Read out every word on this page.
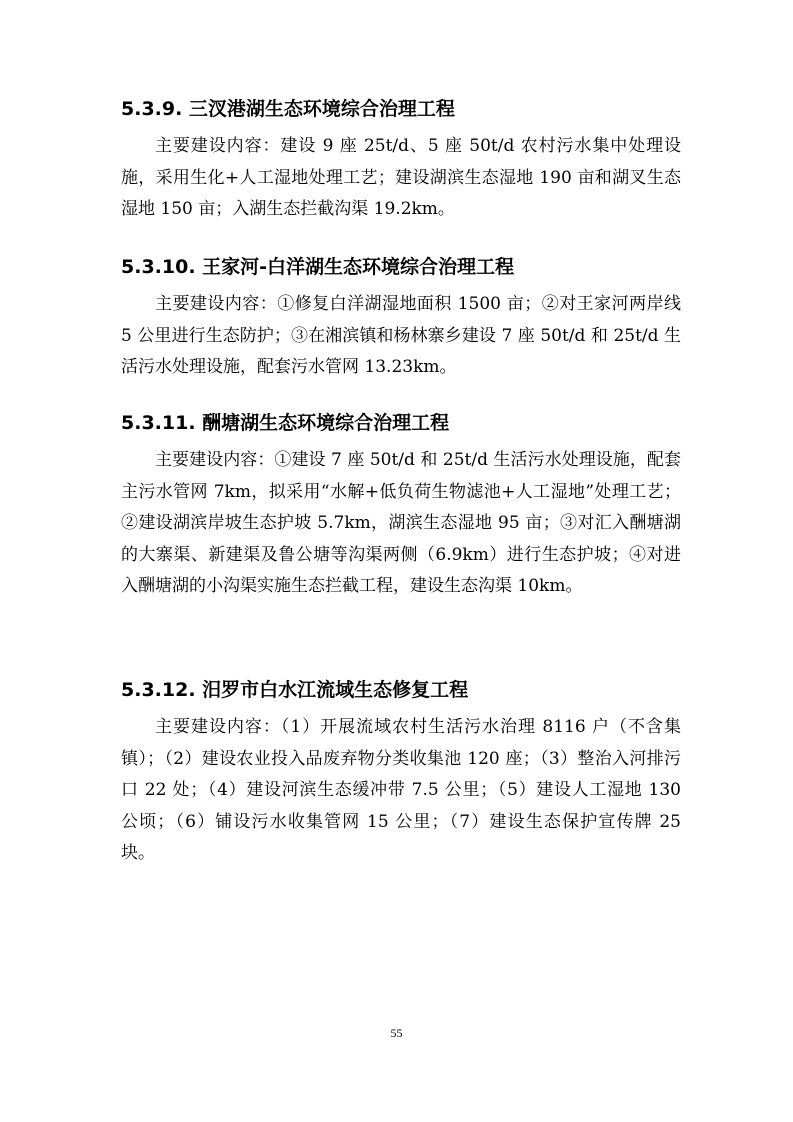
5.3.9. 三汊港湖生态环境综合治理工程

主要建设内容：建设 9 座 25t/d、5 座 50t/d 农村污水集中处理设施，采用生化+人工湿地处理工艺；建设湖滨生态湿地 190 亩和湖叉生态湿地 150 亩；入湖生态拦截沟渠 19.2km。

5.3.10. 王家河-白洋湖生态环境综合治理工程

主要建设内容：①修复白洋湖湿地面积 1500 亩；②对王家河两岸线 5 公里进行生态防护；③在湘滨镇和杨林寨乡建设 7 座 50t/d 和 25t/d 生活污水处理设施，配套污水管网 13.23km。

5.3.11. 酬塘湖生态环境综合治理工程

主要建设内容：①建设 7 座 50t/d 和 25t/d 生活污水处理设施，配套主污水管网 7km，拟采用“水解+低负荷生物滤池+人工湿地”处理工艺；②建设湖滨岸坡生态护坡 5.7km，湖滨生态湿地 95 亩；③对汇入酬塘湖的大寨渠、新建渠及鲁公塘等沟渠两侧（6.9km）进行生态护坡；④对进入酬塘湖的小沟渠实施生态拦截工程，建设生态沟渠 10km。

5.3.12. 汨罗市白水江流域生态修复工程

主要建设内容：（1）开展流域农村生活污水治理 8116 户（不含集镇）；（2）建设农业投入品废弃物分类收集池 120 座；（3）整治入河排污口 22 处；（4）建设河滨生态缓冲带 7.5 公里；（5）建设人工湿地 130 公顷；（6）铺设污水收集管网 15 公里；（7）建设生态保护宣传牌 25 块。

55
